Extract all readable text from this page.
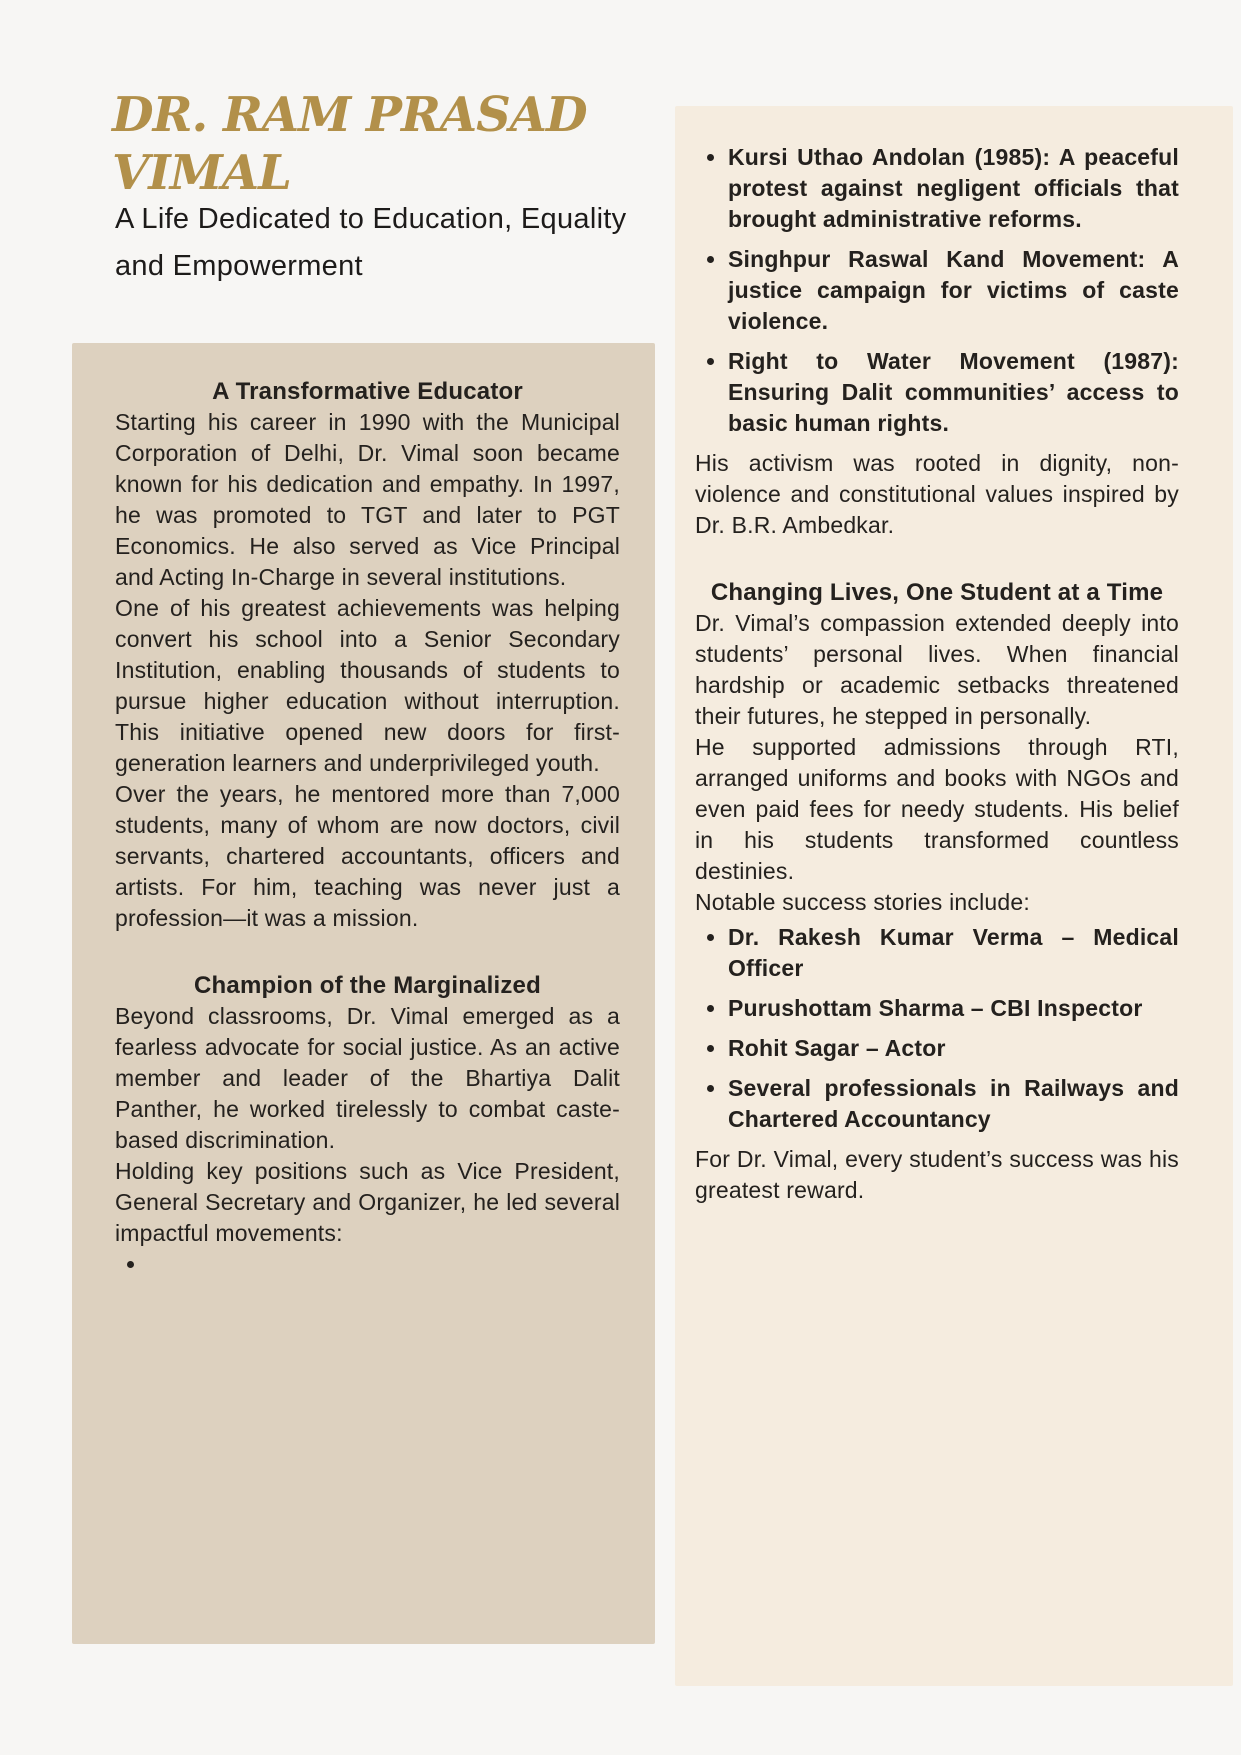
• Kursi Uthao Andolan (1985): A peaceful protest against negligent officials that brought administrative reforms.
• Singhpur Raswal Kand Movement: A justice campaign for victims of caste violence.
• Right to Water Movement (1987): Ensuring Dalit communities’ access to basic human rights.

His activism was rooted in dignity, non-violence and constitutional values inspired by Dr. B.R. Ambedkar.

Changing Lives, One Student at a Time

Dr. Vimal’s compassion extended deeply into students’ personal lives. When financial hardship or academic setbacks threatened their futures, he stepped in personally.

He supported admissions through RTI, arranged uniforms and books with NGOs and even paid fees for needy students. His belief in his students transformed countless destinies.

Notable success stories include:

• Dr. Rakesh Kumar Verma – Medical Officer
• Purushottam Sharma – CBI Inspector
• Rohit Sagar – Actor
• Several professionals in Railways and Chartered Accountancy

For Dr. Vimal, every student’s success was his greatest reward.

A Transformative Educator

Starting his career in 1990 with the Municipal Corporation of Delhi, Dr. Vimal soon became known for his dedication and empathy. In 1997, he was promoted to TGT and later to PGT Economics. He also served as Vice Principal and Acting In-Charge in several institutions.

One of his greatest achievements was helping convert his school into a Senior Secondary Institution, enabling thousands of students to pursue higher education without interruption. This initiative opened new doors for first-generation learners and underprivileged youth.

Over the years, he mentored more than 7,000 students, many of whom are now doctors, civil servants, chartered accountants, officers and artists. For him, teaching was never just a profession—it was a mission.

Champion of the Marginalized

Beyond classrooms, Dr. Vimal emerged as a fearless advocate for social justice. As an active member and leader of the Bhartiya Dalit Panther, he worked tirelessly to combat caste-based discrimination.

Holding key positions such as Vice President, General Secretary and Organizer, he led several impactful movements:

•
DR. RAM PRASAD
VIMAL
A Life Dedicated to Education, Equality
and Empowerment
